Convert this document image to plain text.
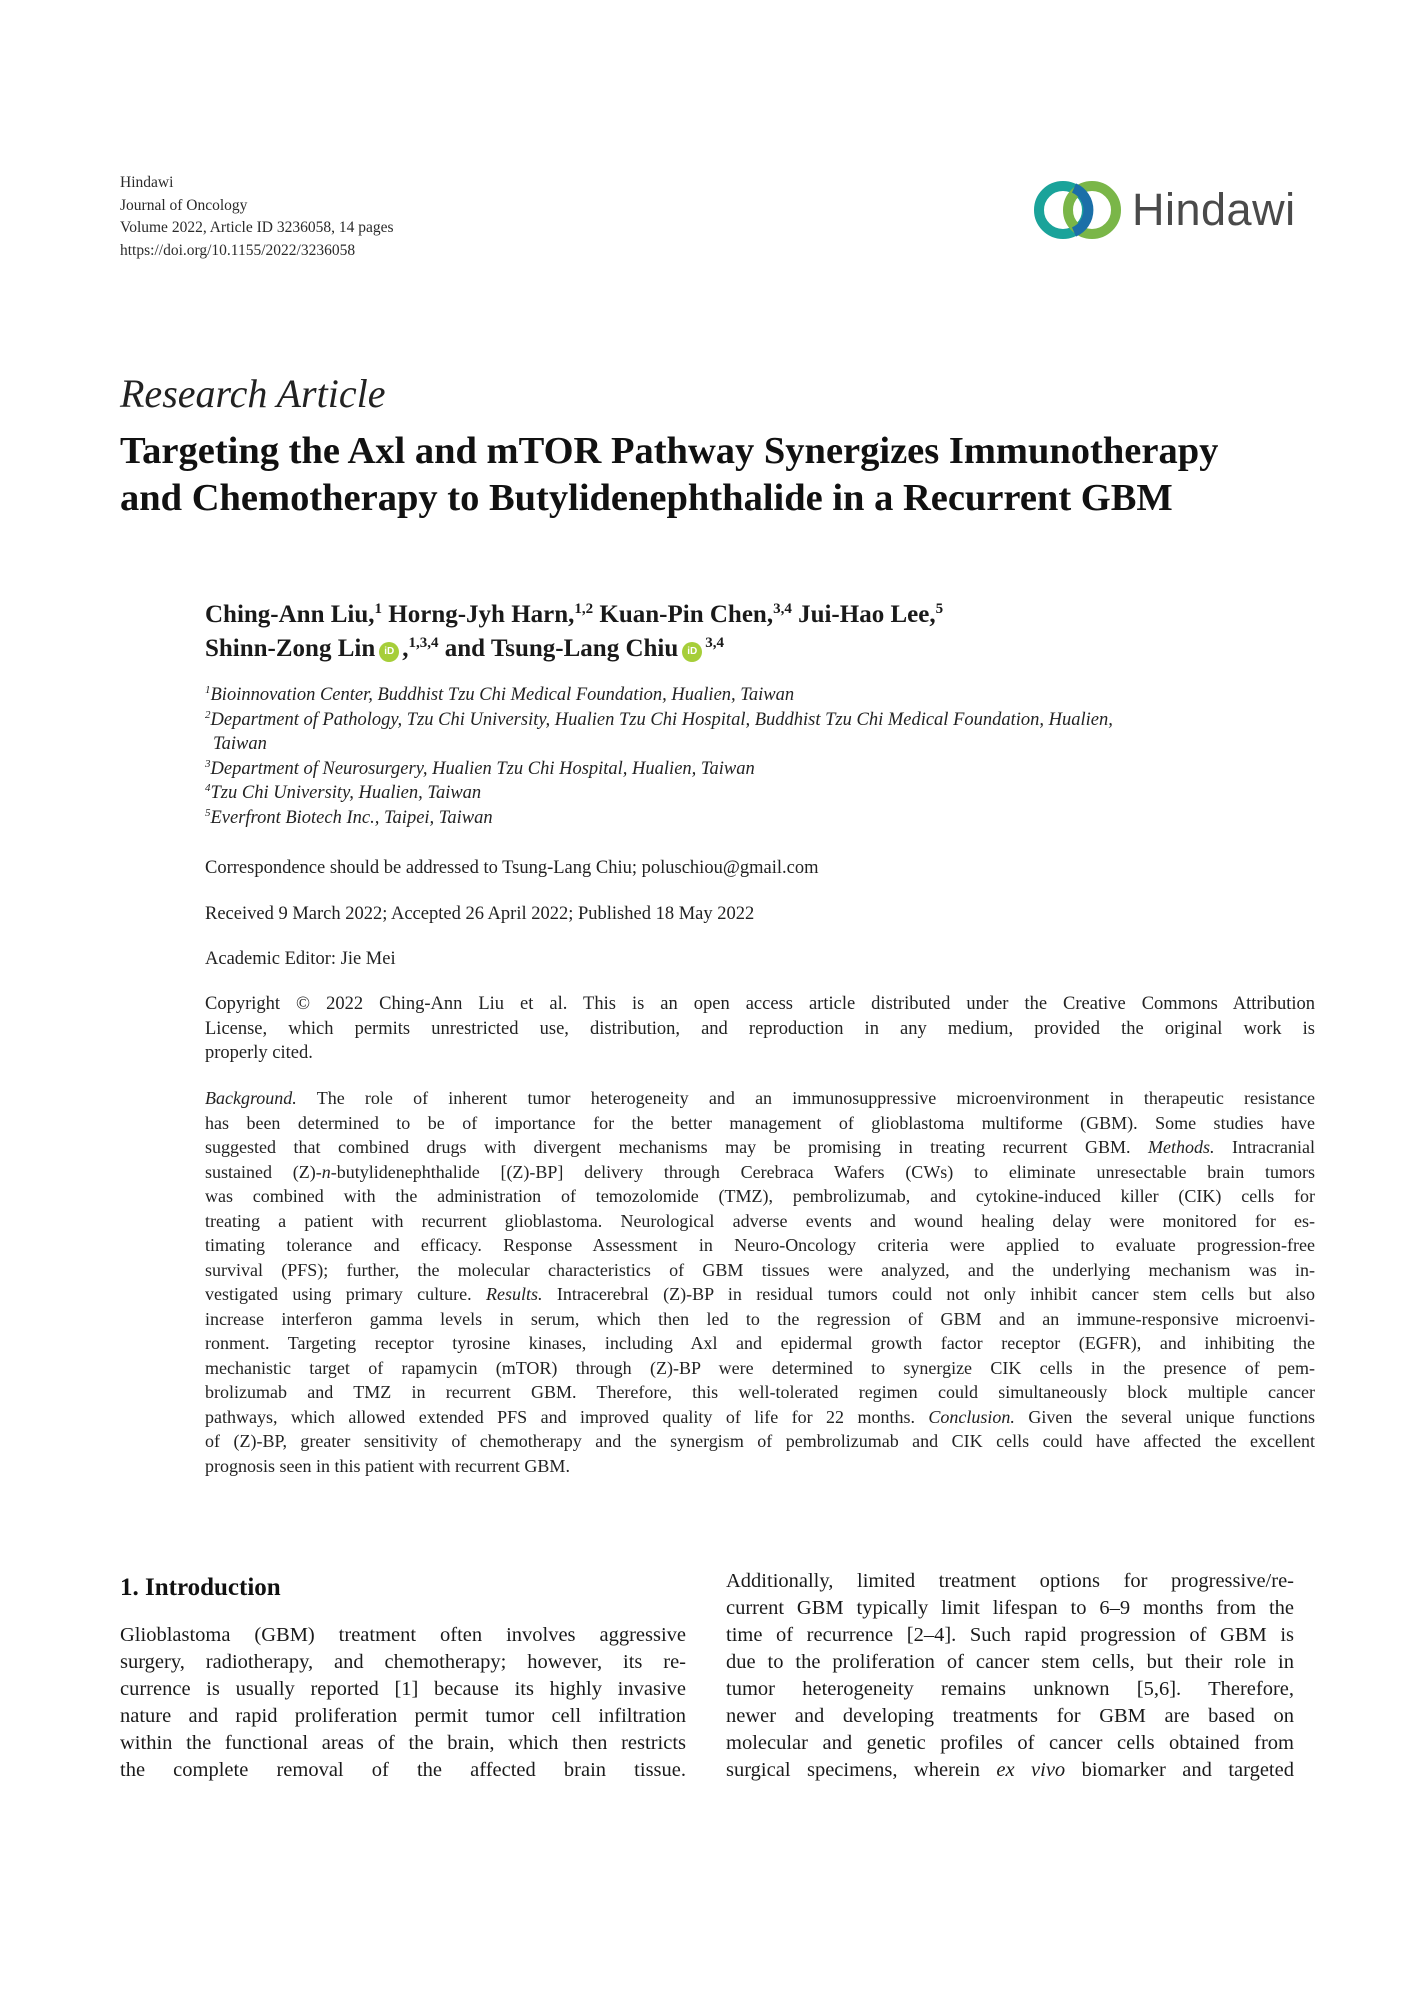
Hindawi
Journal of Oncology
Volume 2022, Article ID 3236058, 14 pages
https://doi.org/10.1155/2022/3236058
Hindawi
Research Article
Targeting the Axl and mTOR Pathway Synergizes Immunotherapy
and Chemotherapy to Butylidenephthalide in a Recurrent GBM
Ching-Ann Liu,$^1$ Horng-Jyh Harn,$^{1,2}$ Kuan-Pin Chen,$^{3,4}$ Jui-Hao Lee,$^5$
Shinn-Zong Lin iD ,$^{1,3,4}$ and Tsung-Lang Chiu iD$^{3,4}$
$^1$Bioinnovation Center, Buddhist Tzu Chi Medical Foundation, Hualien, Taiwan
$^2$Department of Pathology, Tzu Chi University, Hualien Tzu Chi Hospital, Buddhist Tzu Chi Medical Foundation, Hualien,
Taiwan
$^3$Department of Neurosurgery, Hualien Tzu Chi Hospital, Hualien, Taiwan
$^4$Tzu Chi University, Hualien, Taiwan
$^5$Everfront Biotech Inc., Taipei, Taiwan
Correspondence should be addressed to Tsung-Lang Chiu; poluschiou@gmail.com
Received 9 March 2022; Accepted 26 April 2022; Published 18 May 2022
Academic Editor: Jie Mei
Copyright © 2022 Ching-Ann Liu et al. This is an open access article distributed under the Creative Commons Attribution
License, which permits unrestricted use, distribution, and reproduction in any medium, provided the original work is
properly cited.
Background. The role of inherent tumor heterogeneity and an immunosuppressive microenvironment in therapeutic resistance
has been determined to be of importance for the better management of glioblastoma multiforme (GBM). Some studies have
suggested that combined drugs with divergent mechanisms may be promising in treating recurrent GBM. Methods. Intracranial
sustained (Z)-n-butylidenephthalide [(Z)-BP] delivery through Cerebraca Wafers (CWs) to eliminate unresectable brain tumors
was combined with the administration of temozolomide (TMZ), pembrolizumab, and cytokine-induced killer (CIK) cells for
treating a patient with recurrent glioblastoma. Neurological adverse events and wound healing delay were monitored for es-
timating tolerance and efficacy. Response Assessment in Neuro-Oncology criteria were applied to evaluate progression-free
survival (PFS); further, the molecular characteristics of GBM tissues were analyzed, and the underlying mechanism was in-
vestigated using primary culture. Results. Intracerebral (Z)-BP in residual tumors could not only inhibit cancer stem cells but also
increase interferon gamma levels in serum, which then led to the regression of GBM and an immune-responsive microenvi-
ronment. Targeting receptor tyrosine kinases, including Axl and epidermal growth factor receptor (EGFR), and inhibiting the
mechanistic target of rapamycin (mTOR) through (Z)-BP were determined to synergize CIK cells in the presence of pem-
brolizumab and TMZ in recurrent GBM. Therefore, this well-tolerated regimen could simultaneously block multiple cancer
pathways, which allowed extended PFS and improved quality of life for 22 months. Conclusion. Given the several unique functions
of (Z)-BP, greater sensitivity of chemotherapy and the synergism of pembrolizumab and CIK cells could have affected the excellent
prognosis seen in this patient with recurrent GBM.
1. Introduction
Glioblastoma (GBM) treatment often involves aggressive
surgery, radiotherapy, and chemotherapy; however, its re-
currence is usually reported [1] because its highly invasive
nature and rapid proliferation permit tumor cell infiltration
within the functional areas of the brain, which then restricts
the complete removal of the affected brain tissue.
Additionally, limited treatment options for progressive/re-
current GBM typically limit lifespan to 6–9 months from the
time of recurrence [2–4]. Such rapid progression of GBM is
due to the proliferation of cancer stem cells, but their role in
tumor heterogeneity remains unknown [5,6]. Therefore,
newer and developing treatments for GBM are based on
molecular and genetic profiles of cancer cells obtained from
surgical specimens, wherein ex vivo biomarker and targeted
